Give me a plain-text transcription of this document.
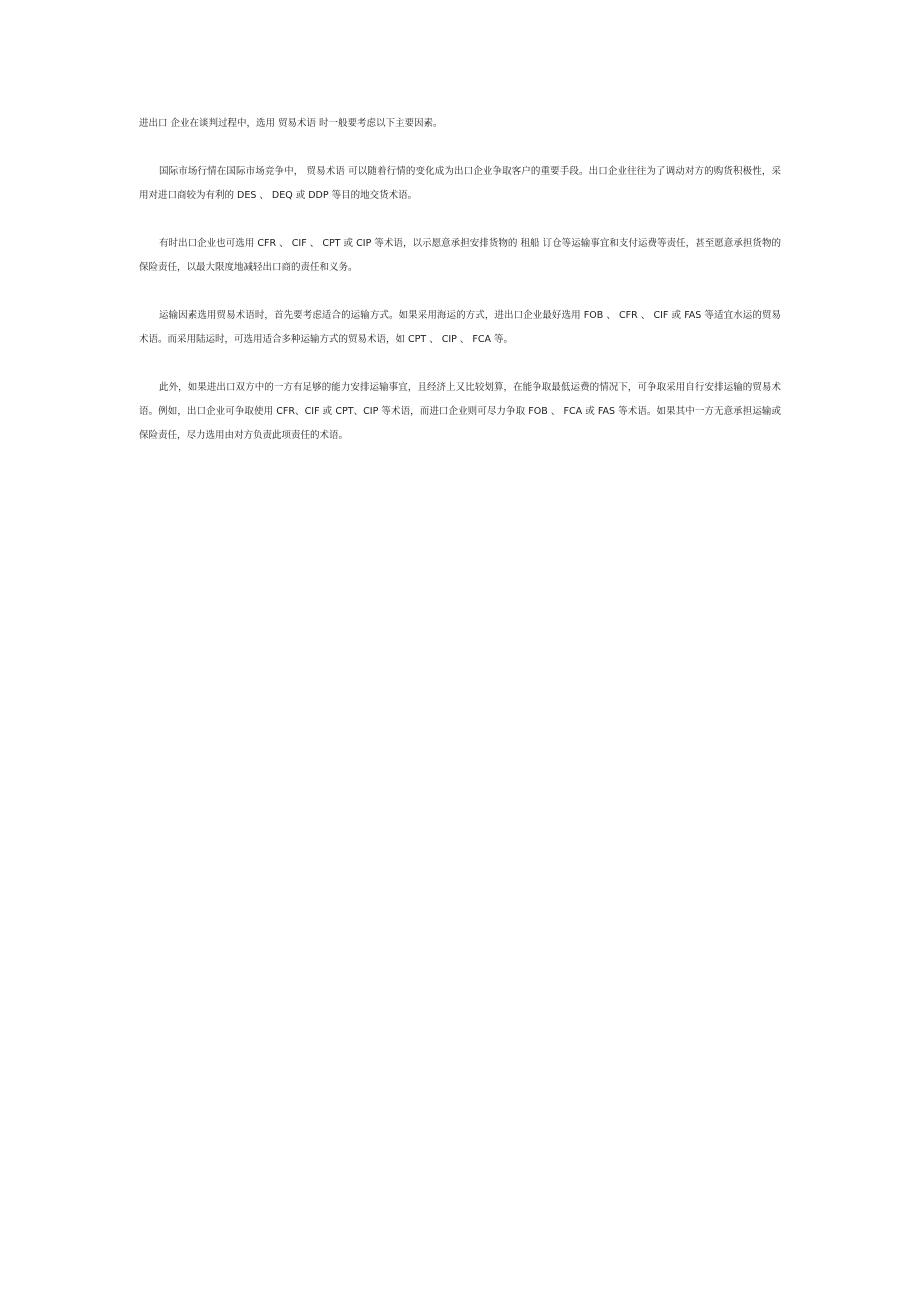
进出口 企业在谈判过程中，选用 贸易术语 时一般要考虑以下主要因素。

国际市场行情在国际市场竞争中， 贸易术语 可以随着行情的变化成为出口企业争取客户的重要手段。出口企业往往为了调动对方的购货积极性，采用对进口商较为有利的 DES 、 DEQ 或 DDP 等目的地交货术语。

有时出口企业也可选用 CFR 、 CIF 、 CPT 或 CIP 等术语，以示愿意承担安排货物的 租船 订仓等运输事宜和支付运费等责任，甚至愿意承担货物的保险责任，以最大限度地减轻出口商的责任和义务。

运输因素选用贸易术语时，首先要考虑适合的运输方式。如果采用海运的方式，进出口企业最好选用 FOB 、 CFR 、 CIF 或 FAS 等适宜水运的贸易术语。而采用陆运时，可选用适合多种运输方式的贸易术语，如 CPT 、 CIP 、 FCA 等。

此外，如果进出口双方中的一方有足够的能力安排运输事宜，且经济上又比较划算，在能争取最低运费的情况下，可争取采用自行安排运输的贸易术语。例如，出口企业可争取使用 CFR、CIF 或 CPT、CIP 等术语，而进口企业则可尽力争取 FOB 、 FCA 或 FAS 等术语。如果其中一方无意承担运输或保险责任，尽力选用由对方负责此项责任的术语。
